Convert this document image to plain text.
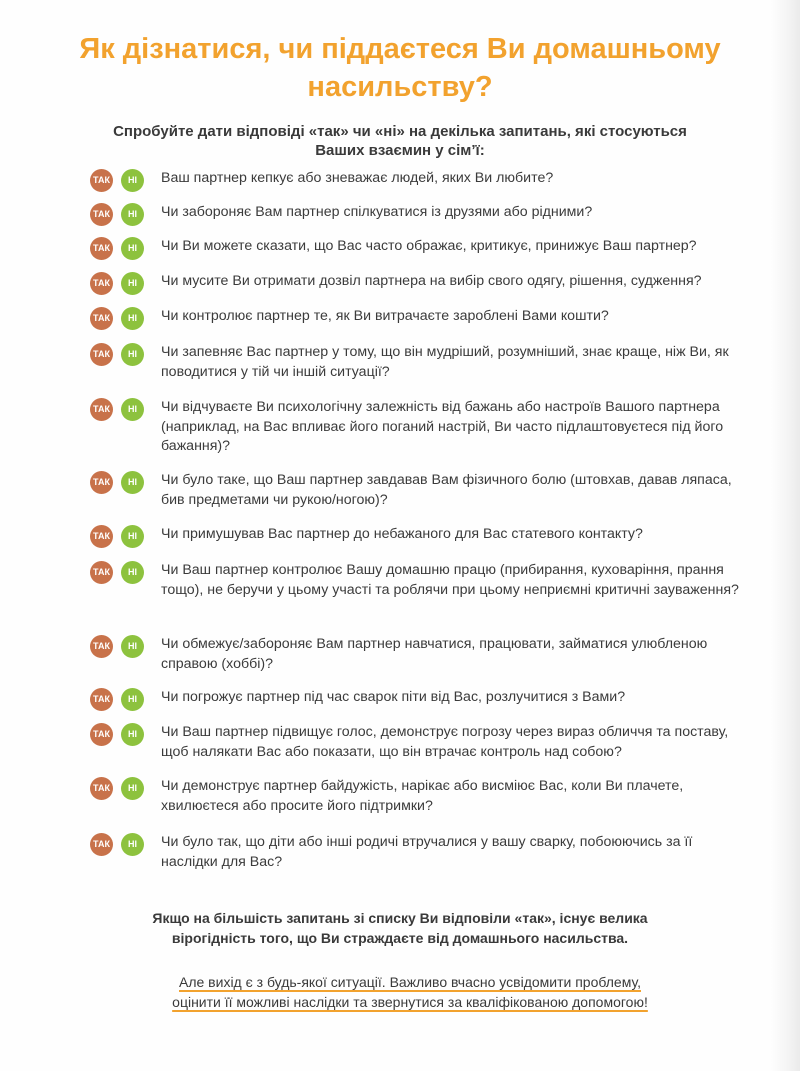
Як дізнатися, чи піддаєтеся Ви домашньому насильству?
Спробуйте дати відповіді «так» чи «ні» на декілька запитань, які стосуються Ваших взаємин у сім’ї:
ТАК	НІ	Ваш партнер кепкує або зневажає людей, яких Ви любите?
ТАК	НІ	Чи забороняє Вам партнер спілкуватися із друзями або рідними?
ТАК	НІ	Чи Ви можете сказати, що Вас часто ображає, критикує, принижує Ваш партнер?
ТАК	НІ	Чи мусите Ви отримати дозвіл партнера на вибір свого одягу, рішення, судження?
ТАК	НІ	Чи контролює партнер те, як Ви витрачаєте зароблені Вами кошти?
ТАК	НІ	Чи запевняє Вас партнер у тому, що він мудріший, розумніший, знає краще, ніж Ви, як поводитися у тій чи іншій ситуації?
ТАК	НІ	Чи відчуваєте Ви психологічну залежність від бажань або настроїв Вашого партнера (наприклад, на Вас впливає його поганий настрій, Ви часто підлаштовуєтеся під його бажання)?
ТАК	НІ	Чи було таке, що Ваш партнер завдавав Вам фізичного болю (штовхав, давав ляпаса, бив предметами чи рукою/ногою)?
ТАК	НІ	Чи примушував Вас партнер до небажаного для Вас статевого контакту?
ТАК	НІ	Чи Ваш партнер контролює Вашу домашню працю (прибирання, куховаріння, прання тощо), не беручи у цьому участі та роблячи при цьому неприємні критичні зауваження?
ТАК	НІ	Чи обмежує/забороняє Вам партнер навчатися, працювати, займатися улюбленою справою (хоббі)?
ТАК	НІ	Чи погрожує партнер під час сварок піти від Вас, розлучитися з Вами?
ТАК	НІ	Чи Ваш партнер підвищує голос, демонструє погрозу через вираз обличчя та поставу, щоб налякати Вас або показати, що він втрачає контроль над собою?
ТАК	НІ	Чи демонструє партнер байдужість, нарікає або висміює Вас, коли Ви плачете, хвилюєтеся або просите його підтримки?
ТАК	НІ	Чи було так, що діти або інші родичі втручалися у вашу сварку, побоюючись за її наслідки для Вас?
Якщо на більшість запитань зі списку Ви відповіли «так», існує велика вірогідність того, що Ви страждаєте від домашнього насильства.
Але вихід є з будь-якої ситуації. Важливо вчасно усвідомити проблему,
оцінити її можливі наслідки та звернутися за кваліфікованою допомогою!
